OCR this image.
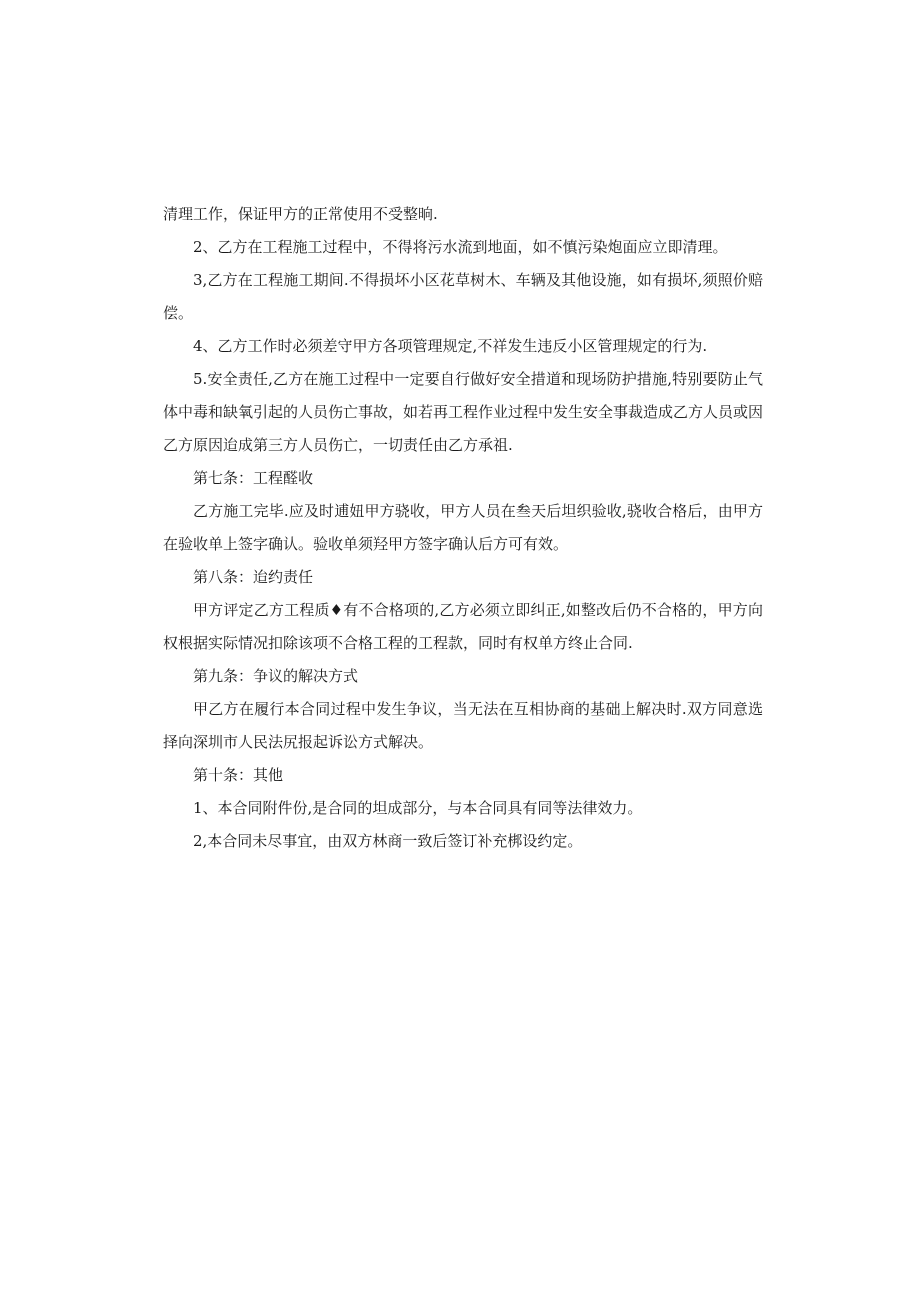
清理工作，保证甲方的正常使用不受整晌.

2、乙方在工程施工过程中，不得将污水流到地面，如不慎污染炮面应立即清理。

3,乙方在工程施工期间.不得损坏小区花草树木、车辆及其他设施，如有损坏,须照价赔偿。

4、乙方工作时必须差守甲方各项管理规定,不祥发生违反小区管理规定的行为.

5.安全责任,乙方在施工过程中一定要自行做好安全措道和现场防护措施,特别要防止气体中毒和缺氧引起的人员伤亡事故，如若再工程作业过程中发生安全事裁造成乙方人员或因乙方原因迨成第三方人员伤亡，一切责任由乙方承祖.

第七条：工程醛收

乙方施工完毕.应及时逋妞甲方骁收，甲方人员在叁天后坦织验收,骁收合格后，由甲方在验收单上签字确认。验收单须羟甲方签字确认后方可有效。

第八条：迨约责任

甲方评定乙方工程质♦有不合格项的,乙方必须立即纠正,如整改后仍不合格的，甲方向权根据实际情况扣除该项不合格工程的工程款，同时有权单方终止合同.

第九条：争议的解决方式

甲乙方在履行本合同过程中发生争议，当无法在互相协商的基础上解决时.双方同意选择向深圳市人民法尻报起诉讼方式解决。

第十条：其他

1、本合同附件份,是合同的坦成部分，与本合同具有同等法律效力。

2,本合同未尽事宜，由双方林商一致后签订补充梆设约定。
